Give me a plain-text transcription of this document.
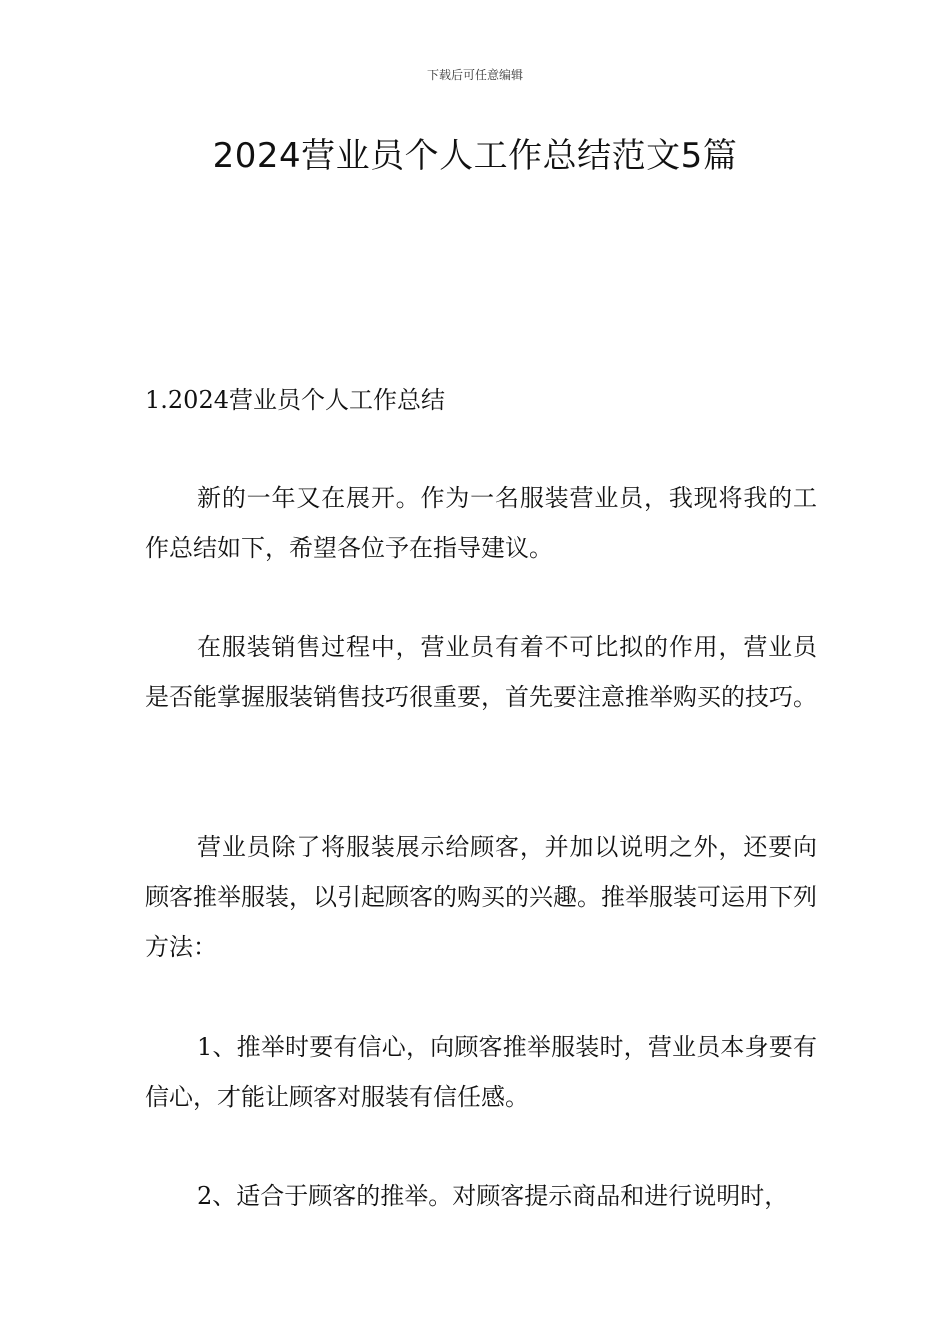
下载后可任意编辑
2024营业员个人工作总结范文5篇
1.2024营业员个人工作总结

新的一年又在展开。作为一名服装营业员，我现将我的工作总结如下，希望各位予在指导建议。

在服装销售过程中，营业员有着不可比拟的作用，营业员是否能掌握服装销售技巧很重要，首先要注意推举购买的技巧。

营业员除了将服装展示给顾客，并加以说明之外，还要向顾客推举服装，以引起顾客的购买的兴趣。推举服装可运用下列方法：

1、推举时要有信心，向顾客推举服装时，营业员本身要有信心，才能让顾客对服装有信任感。

2、适合于顾客的推举。对顾客提示商品和进行说明时，
